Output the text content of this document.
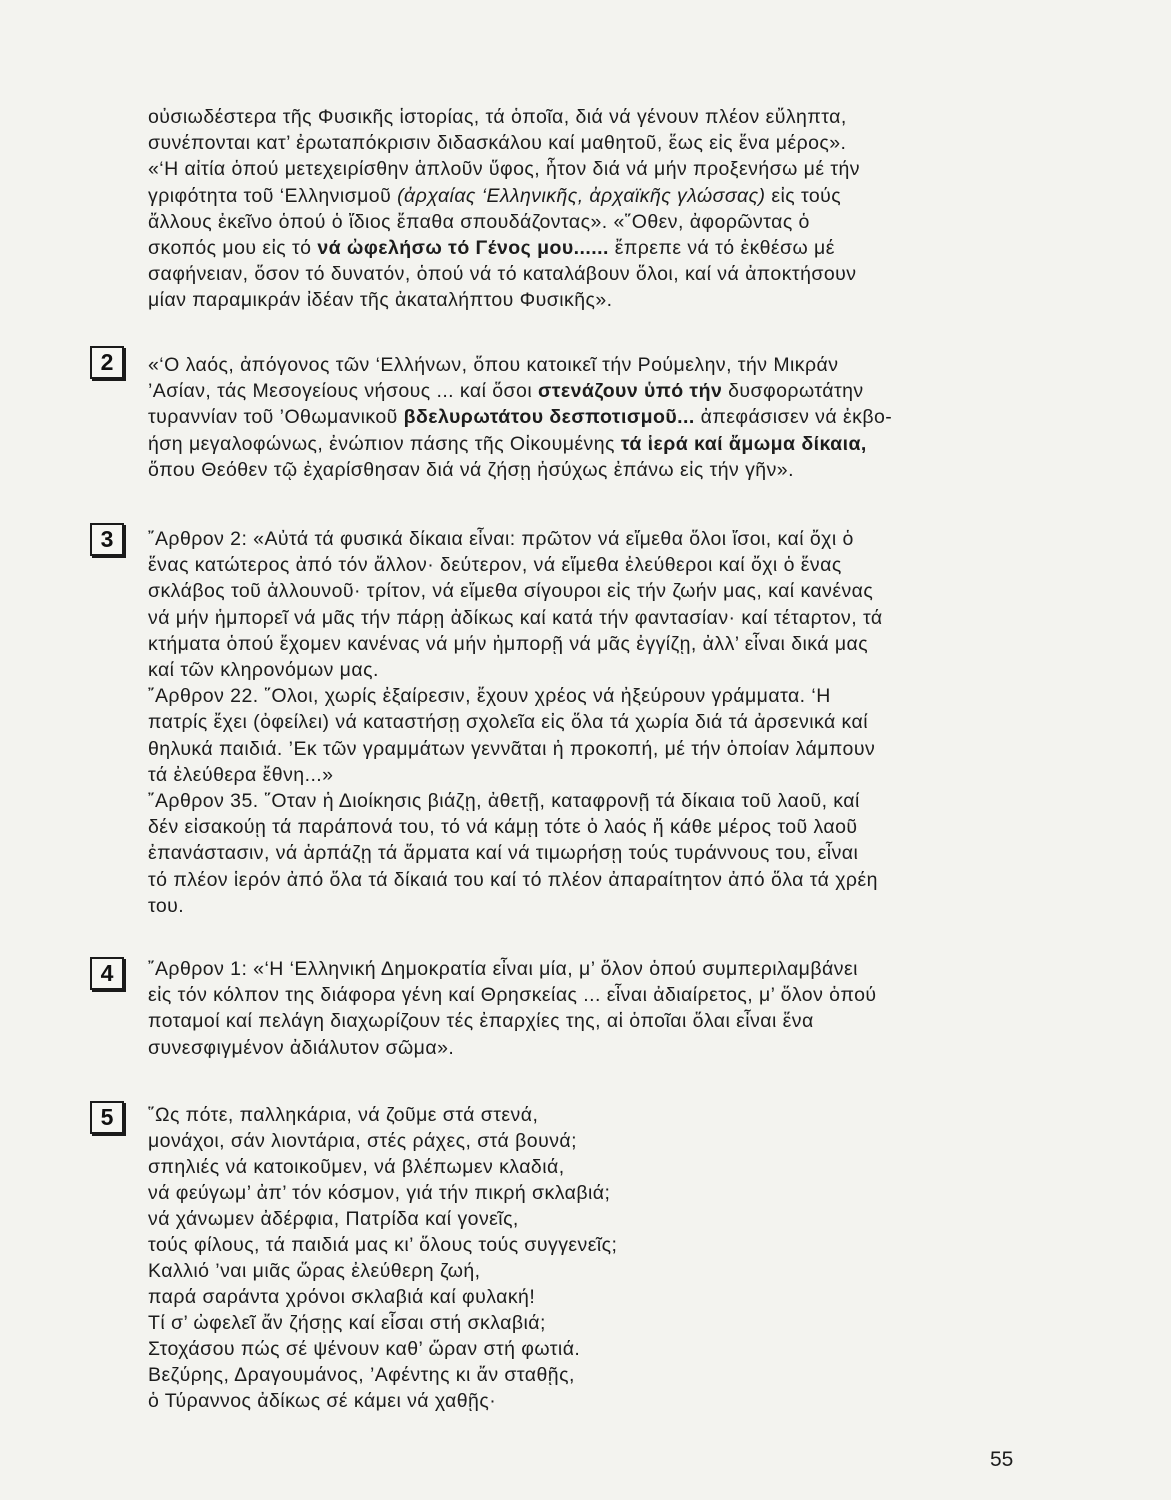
οὐσιωδέστερα τῆς Φυσικῆς ἱστορίας, τά ὁποῖα, διά νά γένουν πλέον εὔληπτα,
συνέπονται κατ’ ἐρωταπόκρισιν διδασκάλου καί μαθητοῦ, ἕως εἰς ἕνα μέρος».
«‘Η αἰτία ὁπού μετεχειρίσθην ἁπλοῦν ὕφος, ἦτον διά νά μήν προξενήσω μέ τήν
γριφότητα τοῦ ‘Ελληνισμοῦ (ἀρχαίας ‘Ελληνικῆς, ἀρχαϊκῆς γλώσσας) εἰς τούς
ἄλλους ἐκεῖνο ὁπού ὁ ἴδιος ἔπαθα σπουδάζοντας». «῞Οθεν, ἀφορῶντας ὁ
σκοπός μου εἰς τό νά ὠφελήσω τό Γένος μου...... ἔπρεπε νά τό ἐκθέσω μέ
σαφήνειαν, ὅσον τό δυνατόν, ὁπού νά τό καταλάβουν ὅλοι, καί νά ἀποκτήσουν
μίαν παραμικράν ἰδέαν τῆς ἀκαταλήπτου Φυσικῆς».
2	«‘Ο λαός, ἀπόγονος τῶν ‘Ελλήνων, ὅπου κατοικεῖ τήν Ρούμελην, τήν Μικράν
’Ασίαν, τάς Μεσογείους νήσους ... καί ὅσοι στενάζουν ὑπό τήν δυσφορωτάτην
τυραννίαν τοῦ ’Οθωμανικοῦ βδελυρωτάτου δεσποτισμοῦ... ἀπεφάσισεν νά ἐκβο-
ήση μεγαλοφώνως, ἐνώπιον πάσης τῆς Οἰκουμένης τά ἱερά καί ἄμωμα δίκαια,
ὅπου Θεόθεν τῷ ἐχαρίσθησαν διά νά ζήσῃ ἡσύχως ἐπάνω εἰς τήν γῆν».
3	῎Αρθρον 2: «Αὐτά τά φυσικά δίκαια εἶναι: πρῶτον νά εἴμεθα ὅλοι ἴσοι, καί ὄχι ὁ
ἕνας κατώτερος ἀπό τόν ἄλλον· δεύτερον, νά εἴμεθα ἐλεύθεροι καί ὄχι ὁ ἕνας
σκλάβος τοῦ ἀλλουνοῦ· τρίτον, νά εἴμεθα σίγουροι εἰς τήν ζωήν μας, καί κανένας
νά μήν ἡμπορεῖ νά μᾶς τήν πάρῃ ἀδίκως καί κατά τήν φαντασίαν· καί τέταρτον, τά
κτήματα ὁπού ἔχομεν κανένας νά μήν ἠμπορῇ νά μᾶς ἐγγίζῃ, ἀλλ’ εἶναι δικά μας
καί τῶν κληρονόμων μας.
῎Αρθρον 22. ῞Ολοι, χωρίς ἐξαίρεσιν, ἔχουν χρέος νά ἠξεύρουν γράμματα. ‘Η
πατρίς ἔχει (ὀφείλει) νά καταστήσῃ σχολεῖα εἰς ὅλα τά χωρία διά τά ἀρσενικά καί
θηλυκά παιδιά. ’Εκ τῶν γραμμάτων γεννᾶται ἡ προκοπή, μέ τήν ὁποίαν λάμπουν
τά ἐλεύθερα ἔθνη...»
῎Αρθρον 35. ῞Οταν ἡ Διοίκησις βιάζῃ, ἀθετῇ, καταφρονῇ τά δίκαια τοῦ λαοῦ, καί
δέν εἰσακούῃ τά παράπονά του, τό νά κάμῃ τότε ὁ λαός ἤ κάθε μέρος τοῦ λαοῦ
ἐπανάστασιν, νά ἁρπάζῃ τά ἅρματα καί νά τιμωρήσῃ τούς τυράννους του, εἶναι
τό πλέον ἱερόν ἀπό ὅλα τά δίκαιά του καί τό πλέον ἀπαραίτητον ἀπό ὅλα τά χρέη
του.
4	῎Αρθρον 1: «‘Η ‘Ελληνική Δημοκρατία εἶναι μία, μ’ ὅλον ὁπού συμπεριλαμβάνει
εἰς τόν κόλπον της διάφορα γένη καί Θρησκείας ... εἶναι ἀδιαίρετος, μ’ ὅλον ὁπού
ποταμοί καί πελάγη διαχωρίζουν τές ἐπαρχίες της, αἱ ὁποῖαι ὅλαι εἶναι ἕνα
συνεσφιγμένον ἀδιάλυτον σῶμα».
5	῞Ως πότε, παλληκάρια, νά ζοῦμε στά στενά,
μονάχοι, σάν λιοντάρια, στές ράχες, στά βουνά;
σπηλιές νά κατοικοῦμεν, νά βλέπωμεν κλαδιά,
νά φεύγωμ’ ἀπ’ τόν κόσμον, γιά τήν πικρή σκλαβιά;
νά χάνωμεν ἀδέρφια, Πατρίδα καί γονεῖς,
τούς φίλους, τά παιδιά μας κι’ ὅλους τούς συγγενεῖς;
Καλλιό ’ναι μιᾶς ὥρας ἐλεύθερη ζωή,
παρά σαράντα χρόνοι σκλαβιά καί φυλακή!
Τί σ’ ὠφελεῖ ἄν ζήσῃς καί εἶσαι στή σκλαβιά;
Στοχάσου πώς σέ ψένουν καθ’ ὥραν στή φωτιά.
Βεζύρης, Δραγουμάνος, ’Αφέντης κι ἄν σταθῇς,
ὁ Τύραννος ἀδίκως σέ κάμει νά χαθῇς·
55
